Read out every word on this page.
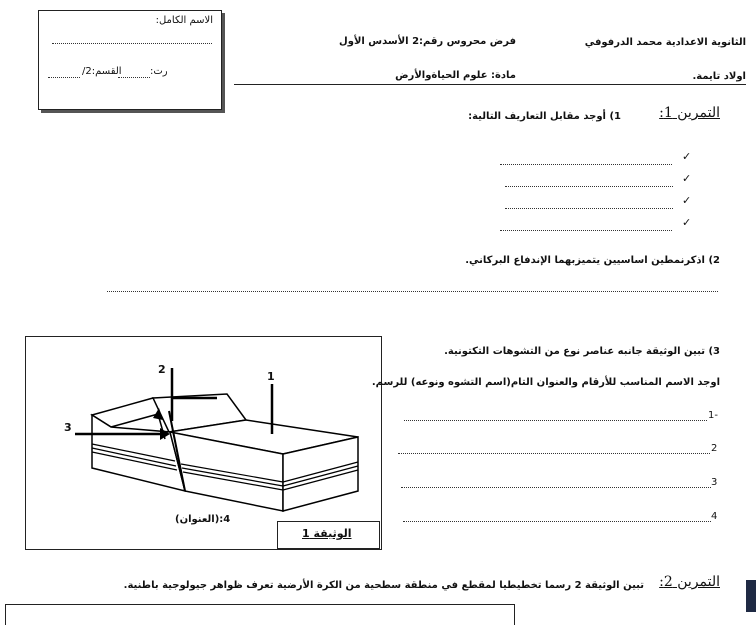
الاسم الكامل:
رت:
القسم:2/
الثانوية الاعدادية محمد الدرفوفي
فرض محروس رقم:2 الأسدس الأول
اولاد تايمة.
مادة: علوم الحياةوالأرض
التمرين 1:
1) أوجد مقابل التعاريف التالية:
✓
✓
✓
✓
2) اذكرنمطين اساسيين يتميزبهما الإندفاع البركاني.
2
1
3
4:(العنوان)
الوثيقة 1
3) تبين الوثيقة جانبه عناصر نوع من التشوهات التكتونية.
اوجد الاسم المناسب للأرقام والعنوان التام(اسم التشوه ونوعه) للرسم.
1-
2
3
4
التمرين 2:
تبين الوثيقة 2 رسما تخطيطيا لمقطع في منطقة سطحية من الكرة الأرضية تعرف ظواهر جيولوجية باطنية.
